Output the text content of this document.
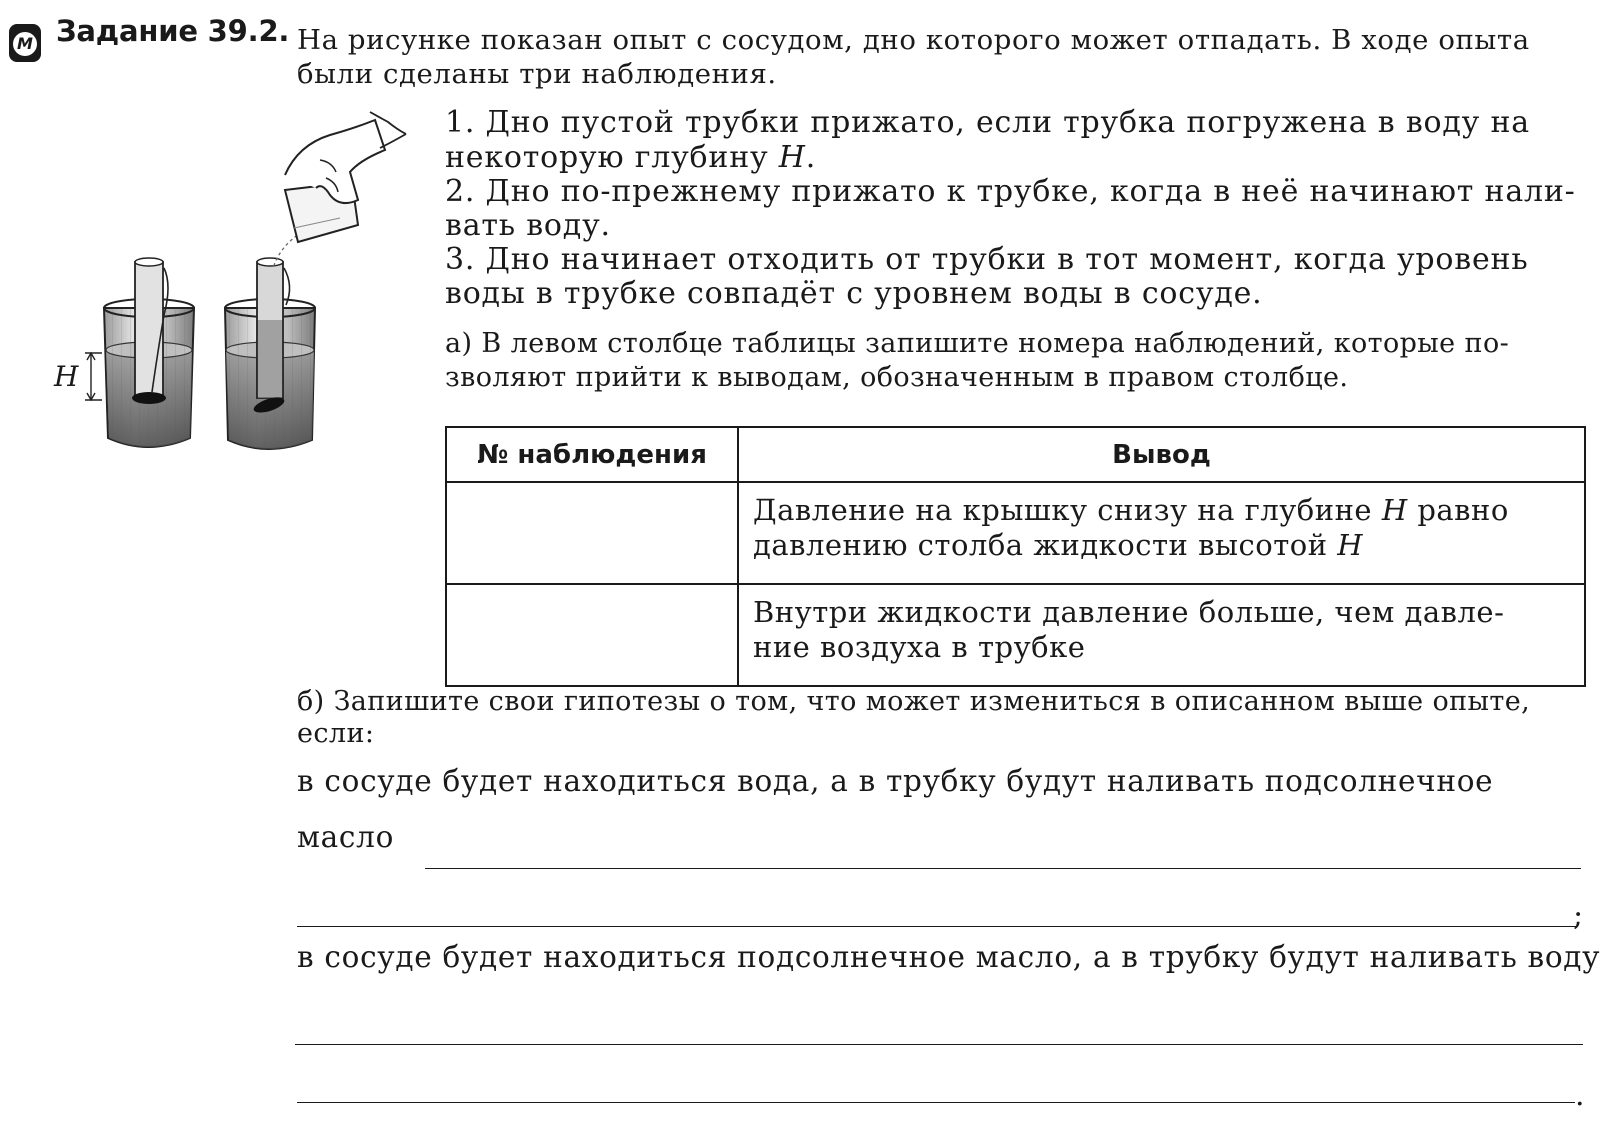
М Задание 39.2. На рисунке показан опыт с сосудом, дно которого может отпадать. В ходе опыта
были сделаны три наблюдения.
H
1. Дно пустой трубки прижато, если трубка погружена в воду на
некоторую глубину H.
2. Дно по-прежнему прижато к трубке, когда в неё начинают нали-
вать воду.
3. Дно начинает отходить от трубки в тот момент, когда уровень
воды в трубке совпадёт с уровнем воды в сосуде.
а) В левом столбце таблицы запишите номера наблюдений, которые по-
зволяют прийти к выводам, обозначенным в правом столбце.
№ наблюдения	Вывод

	Давление на крышку снизу на глубине H равно
давлению столба жидкости высотой H

	Внутри жидкости давление больше, чем давле-
ние воздуха в трубке
б) Запишите свои гипотезы о том, что может измениться в описанном выше опыте,
если:
в сосуде будет находиться вода, а в трубку будут наливать подсолнечное
масло
;
в сосуде будет находиться подсолнечное масло, а в трубку будут наливать воду
.
